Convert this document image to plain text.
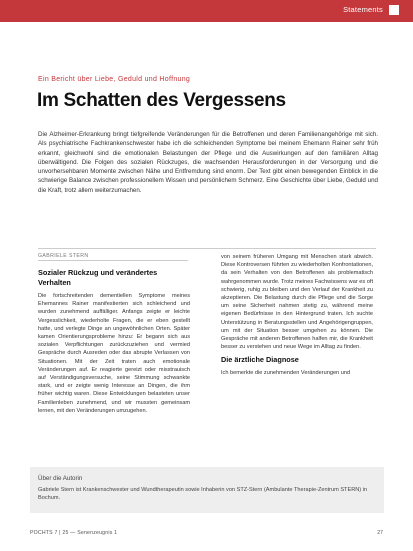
Statements
Ein Bericht über Liebe, Geduld und Hoffnung
Im Schatten des Vergessens
Die Alzheimer-Erkrankung bringt tiefgreifende Veränderungen für die Betroffenen und deren Familienangehörige mit sich. Als psychiatrische Fachkrankenschwester habe ich die schleichenden Symptome bei meinem Ehemann Rainer sehr früh erkannt, gleichwohl sind die emotionalen Belastungen der Pflege und die Auswirkungen auf den familiären Alltag überwältigend. Die Folgen des sozialen Rückzuges, die wachsenden Herausforderungen in der Versorgung und die unvorhersehbaren Momente zwischen Nähe und Entfremdung sind enorm. Der Text gibt einen bewegenden Einblick in die schwierige Balance zwischen professionellem Wissen und persönlichem Schmerz. Eine Geschichte über Liebe, Geduld und die Kraft, trotz allem weiterzumachen.
GABRIELE STERN
Sozialer Rückzug und verändertes Verhalten

Die fortschreitenden dementiellen Symptome meines Ehemannes Rainer manifestierten sich schleichend und wurden zunehmend auffälliger. Anfangs zeigte er leichte Vergesslichkeit, wiederholte Fragen, die er eben gestellt hatte, und verlegte Dinge an ungewöhnlichen Orten. Später kamen Orientierungsprobleme hinzu: Er begann sich aus sozialen Verpflichtungen zurückzuziehen und vermied Gespräche durch Ausreden oder das abrupte Verlassen von Situationen. Mit der Zeit traten auch emotionale Veränderungen auf. Er reagierte gereizt oder misstrauisch auf Verständigungsversuche, seine Stimmung schwankte stark, und er zeigte wenig Interesse an Dingen, die ihm früher wichtig waren. Diese Entwicklungen belasteten unser Familienleben zunehmend, und wir mussten gemeinsam lernen, mit den Veränderungen umzugehen.

von seinem früheren Umgang mit Menschen stark abwich. Diese Kontroversen führten zu wiederholten Konfrontationen, da sein Verhalten von den Betroffenen als problematisch wahrgenommen wurde. Trotz meines Fachwissens war es oft schwierig, ruhig zu bleiben und den Verlauf der Krankheit zu akzeptieren. Die Belastung durch die Pflege und die Sorge um seine Sicherheit nahmen stetig zu, während meine eigenen Bedürfnisse in den Hintergrund traten. Ich suchte Unterstützung in Beratungsstellen und Angehörigengruppen, um mit der Situation besser umgehen zu können. Die Gespräche mit anderen Betroffenen halfen mir, die Krankheit besser zu verstehen und neue Wege im Alltag zu finden.

Die ärztliche Diagnose

Ich bemerkte die zunehmenden Veränderungen und

Über die Autorin
Gabriele Stern ist Krankenschwester und Wundtherapeutin sowie Inhaberin von STZ-Stern (Ambulante Therapie-Zentrum STERN) in Bochum.
POCHTS 7 | 25 — Senenzeugnis 1	27
